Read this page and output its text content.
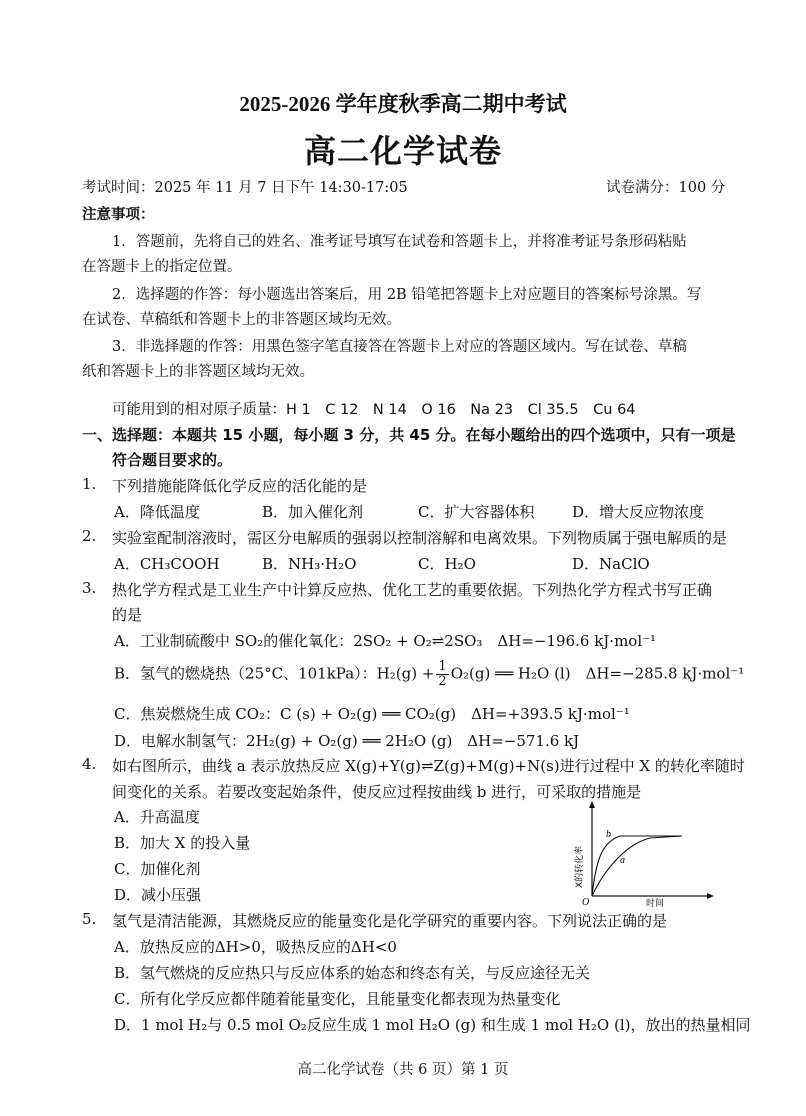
2025-2026 学年度秋季高二期中考试
高二化学试卷
考试时间：2025 年 11 月 7 日下午 14:30-17:05	试卷满分：100 分
注意事项：
1．答题前，先将自己的姓名、准考证号填写在试卷和答题卡上，并将准考证号条形码粘贴
在答题卡上的指定位置。
2．选择题的作答：每小题选出答案后，用 2B 铅笔把答题卡上对应题目的答案标号涂黑。写
在试卷、草稿纸和答题卡上的非答题区域均无效。
3．非选择题的作答：用黑色签字笔直接答在答题卡上对应的答题区域内。写在试卷、草稿
纸和答题卡上的非答题区域均无效。
可能用到的相对原子质量：H 1　C 12　N 14　O 16　Na 23　Cl 35.5　Cu 64
一、选择题：本题共 15 小题，每小题 3 分，共 45 分。在每小题给出的四个选项中，只有一项是
符合题目要求的。
1. 下列措施能降低化学反应的活化能的是
A．降低温度	B．加入催化剂	C．扩大容器体积	D．增大反应物浓度
2. 实验室配制溶液时，需区分电解质的强弱以控制溶解和电离效果。下列物质属于强电解质的是
A．CH₃COOH	B．NH₃·H₂O	C．H₂O	D．NaClO
3. 热化学方程式是工业生产中计算反应热、优化工艺的重要依据。下列热化学方程式书写正确
的是
A．工业制硫酸中 SO₂的催化氧化：2SO₂ + O₂⇌2SO₃　ΔH=−196.6 kJ·mol⁻¹
B．氢气的燃烧热（25°C、101kPa）：$H_2(g) + \frac{1}{2} O_2(g)$ ══ H₂O (l)　ΔH=−285.8 kJ·mol⁻¹
C．焦炭燃烧生成 CO₂：C (s) + O₂(g) ══ CO₂(g)　ΔH=+393.5 kJ·mol⁻¹
D．电解水制氢气：2H₂(g) + O₂(g) ══ 2H₂O (g)　ΔH=−571.6 kJ
4. 如右图所示，曲线 a 表示放热反应 X(g)+Y(g)⇌Z(g)+M(g)+N(s)进行过程中 X 的转化率随时
间变化的关系。若要改变起始条件，使反应过程按曲线 b 进行，可采取的措施是
A．升高温度
B．加大 X 的投入量
C．加催化剂
D．减小压强
b
a
O	时间
X的转化率
5. 氢气是清洁能源，其燃烧反应的能量变化是化学研究的重要内容。下列说法正确的是
A．放热反应的ΔH>0，吸热反应的ΔH<0
B．氢气燃烧的反应热只与反应体系的始态和终态有关，与反应途径无关
C．所有化学反应都伴随着能量变化，且能量变化都表现为热量变化
D．1 mol H₂与 0.5 mol O₂反应生成 1 mol H₂O (g) 和生成 1 mol H₂O (l)，放出的热量相同
高二化学试卷（共 6 页）第 1 页
